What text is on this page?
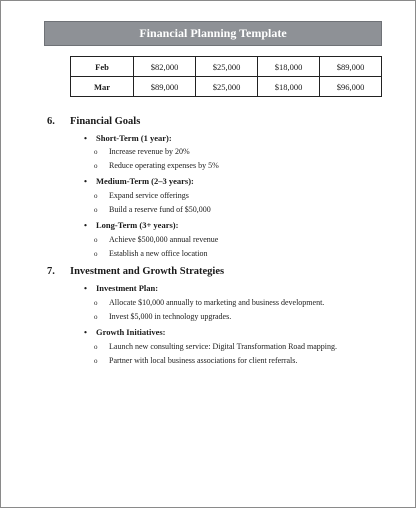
Financial Planning Template
Feb	$82,000	$25,000	$18,000	$89,000
Mar	$89,000	$25,000	$18,000	$96,000
6. Financial Goals
• Short-Term (1 year):
o Increase revenue by 20%
o Reduce operating expenses by 5%
• Medium-Term (2–3 years):
o Expand service offerings
o Build a reserve fund of $50,000
• Long-Term (3+ years):
o Achieve $500,000 annual revenue
o Establish a new office location
7. Investment and Growth Strategies
• Investment Plan:
o Allocate $10,000 annually to marketing and business development.
o Invest $5,000 in technology upgrades.
• Growth Initiatives:
o Launch new consulting service: Digital Transformation Road mapping.
o Partner with local business associations for client referrals.
